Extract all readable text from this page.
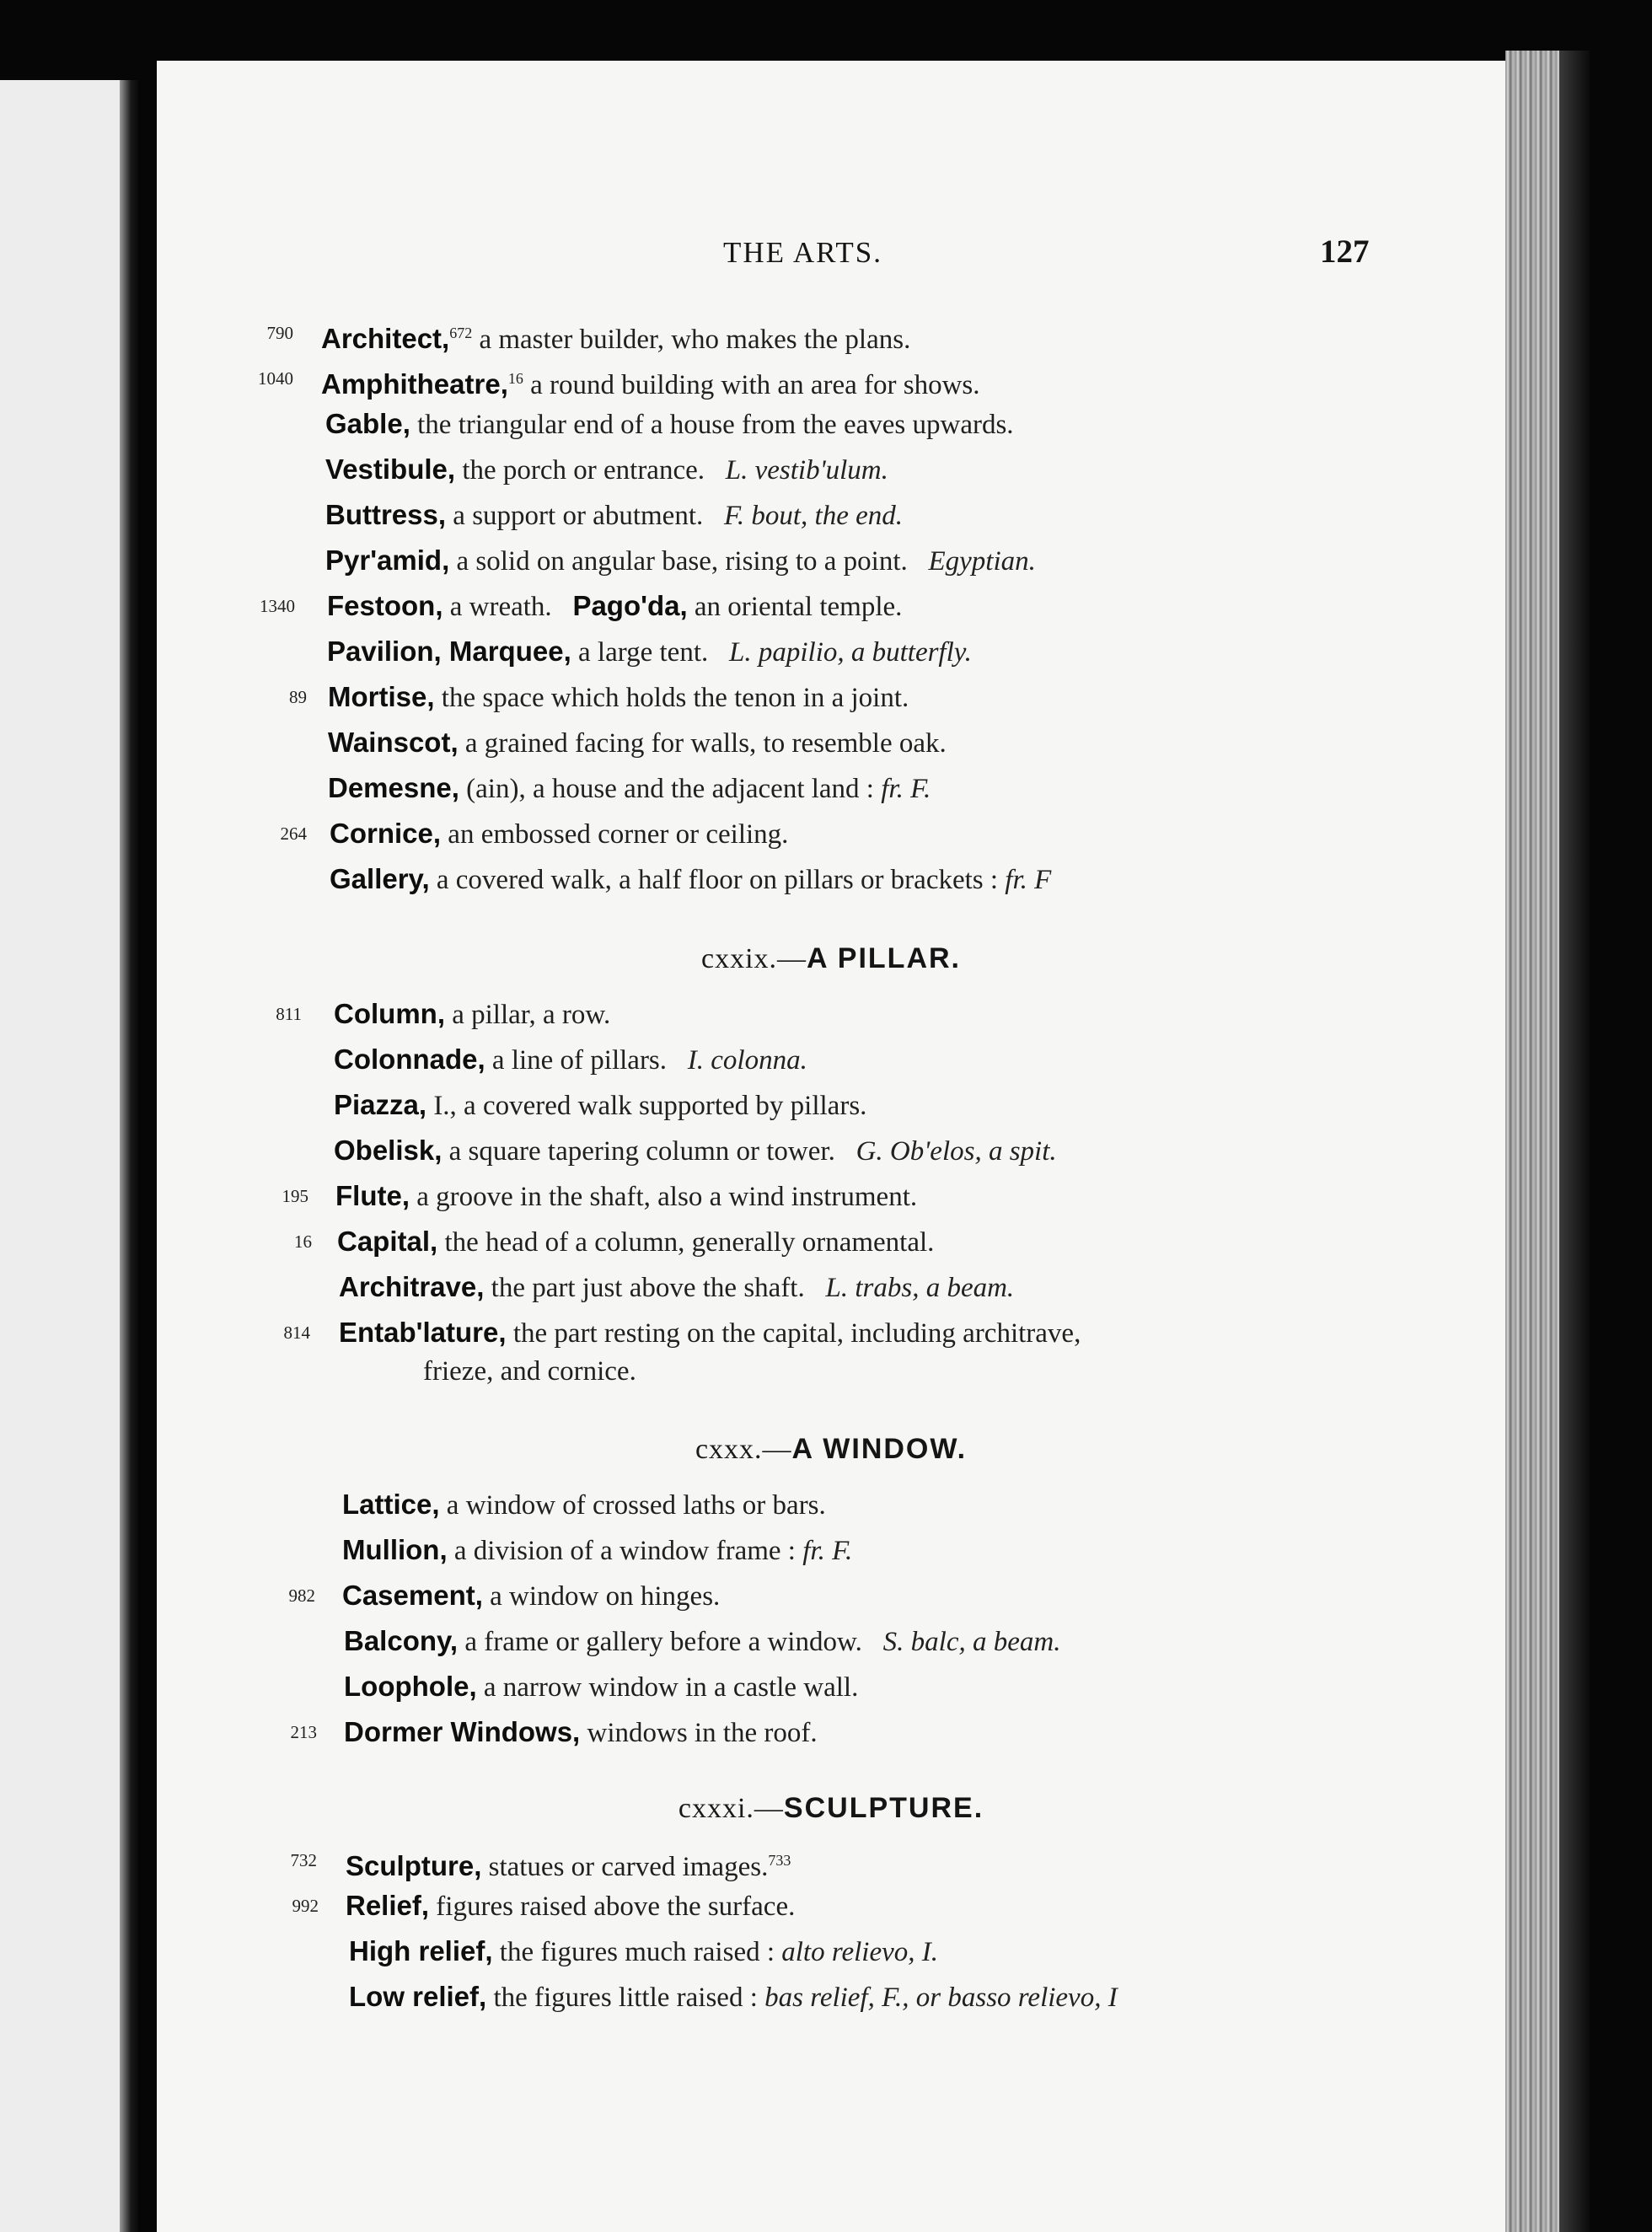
THE ARTS.	127
790 Architect,$^{672}$ a master builder, who makes the plans.
1040 Amphitheatre,$^{16}$ a round building with an area for shows.
Gable, the triangular end of a house from the eaves upwards.
Vestibule, the porch or entrance. L. vestib'ulum.
Buttress, a support or abutment. F. bout, the end.
Pyr'amid, a solid on angular base, rising to a point. Egyptian.
1340 Festoon, a wreath. Pago'da, an oriental temple.
Pavilion, Marquee, a large tent. L. papilio, a butterfly.
89 Mortise, the space which holds the tenon in a joint.
Wainscot, a grained facing for walls, to resemble oak.
Demesne, (ain), a house and the adjacent land : fr. F.
264 Cornice, an embossed corner or ceiling.
Gallery, a covered walk, a half floor on pillars or brackets : fr. F
cxxix.—A PILLAR.
811 Column, a pillar, a row.
Colonnade, a line of pillars. I. colonna.
Piazza, I., a covered walk supported by pillars.
Obelisk, a square tapering column or tower. G. Ob'elos, a spit.
195 Flute, a groove in the shaft, also a wind instrument.
16 Capital, the head of a column, generally ornamental.
Architrave, the part just above the shaft. L. trabs, a beam.
814 Entab'lature, the part resting on the capital, including architrave,
frieze, and cornice.
cxxx.—A WINDOW.
Lattice, a window of crossed laths or bars.
Mullion, a division of a window frame : fr. F.
982 Casement, a window on hinges.
Balcony, a frame or gallery before a window. S. balc, a beam.
Loophole, a narrow window in a castle wall.
213 Dormer Windows, windows in the roof.
cxxxi.—SCULPTURE.
732 Sculpture, statues or carved images.$^{733}$
992 Relief, figures raised above the surface.
High relief, the figures much raised : alto relievo, I.
Low relief, the figures little raised : bas relief, F., or basso relievo, I
